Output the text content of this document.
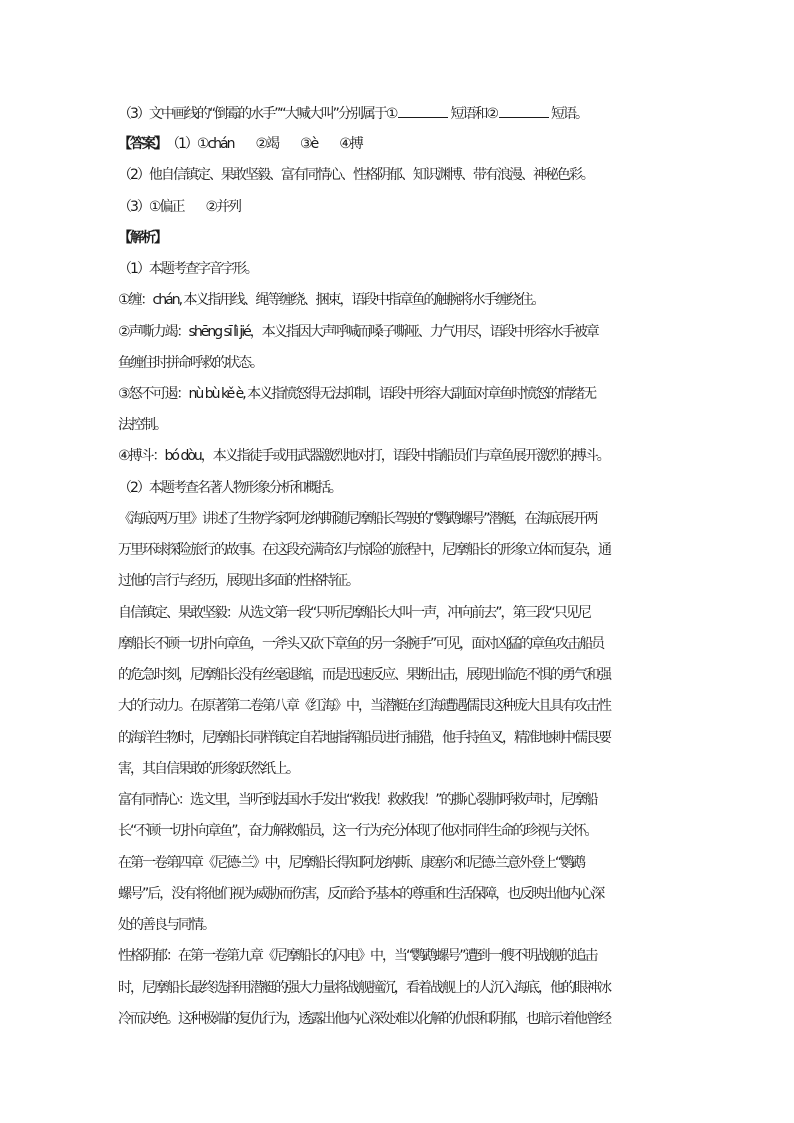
（3）文中画线的“倒霉的水手”“大喊大叫”分别属于①	短语和②	短语。
【答案】（1）①chán ②竭 ③è ④搏
（2）他自信镇定、果敢坚毅、富有同情心、性格阴郁、知识渊博、带有浪漫、神秘色彩。
（3）①偏正 ②并列
【解析】
（1）本题考查字音字形。
①缠：chán, 本义指用线、绳等缠绕、捆束，语段中指章鱼的触腕将水手缠绕住。
②声嘶力竭：shēng sī lì jié，本义指因大声呼喊而嗓子嘶哑、力气用尽，语段中形容水手被章
鱼缠住时拼命呼救的状态。
③怒不可遏：nù bù kě è, 本义指愤怒得无法抑制，语段中形容大副面对章鱼时愤怒的情绪无
法控制。
④搏斗：bó dòu，本义指徒手或用武器激烈地对打，语段中指船员们与章鱼展开激烈的搏斗。
（2）本题考查名著人物形象分析和概括。
《海底两万里》讲述了生物学家阿龙纳斯随尼摩船长驾驶的“鹦鹉螺号”潜艇，在海底展开两
万里环球探险旅行的故事。在这段充满奇幻与惊险的旅程中，尼摩船长的形象立体而复杂，通
过他的言行与经历，展现出多面的性格特征。
自信镇定、果敢坚毅：从选文第一段“只听尼摩船长大叫一声，冲向前去”，第三段“只见尼
摩船长不顾一切扑向章鱼，一斧头又砍下章鱼的另一条腕手”可见，面对凶猛的章鱼攻击船员
的危急时刻，尼摩船长没有丝毫退缩，而是迅速反应、果断出击，展现出临危不惧的勇气和强
大的行动力。在原著第二卷第八章《红海》中，当潜艇在红海遭遇儒艮这种庞大且具有攻击性
的海洋生物时，尼摩船长同样镇定自若地指挥船员进行捕猎，他手持鱼叉，精准地刺中儒艮要
害，其自信果敢的形象跃然纸上。
富有同情心：选文里，当听到法国水手发出“救我！救救我！”的撕心裂肺呼救声时，尼摩船
长“不顾一切扑向章鱼”，奋力解救船员，这一行为充分体现了他对同伴生命的珍视与关怀。
在第一卷第四章《尼德·兰》中，尼摩船长得知阿龙纳斯、康塞尔和尼德·兰意外登上“鹦鹉
螺号”后，没有将他们视为威胁而伤害，反而给予基本的尊重和生活保障，也反映出他内心深
处的善良与同情。
性格阴郁：在第一卷第九章《尼摩船长的闪电》中，当“鹦鹉螺号”遭到一艘不明战舰的追击
时，尼摩船长最终选择用潜艇的强大力量将战舰撞沉，看着战舰上的人沉入海底，他的眼神冰
冷而决绝。这种极端的复仇行为，透露出他内心深处难以化解的仇恨和阴郁，也暗示着他曾经
